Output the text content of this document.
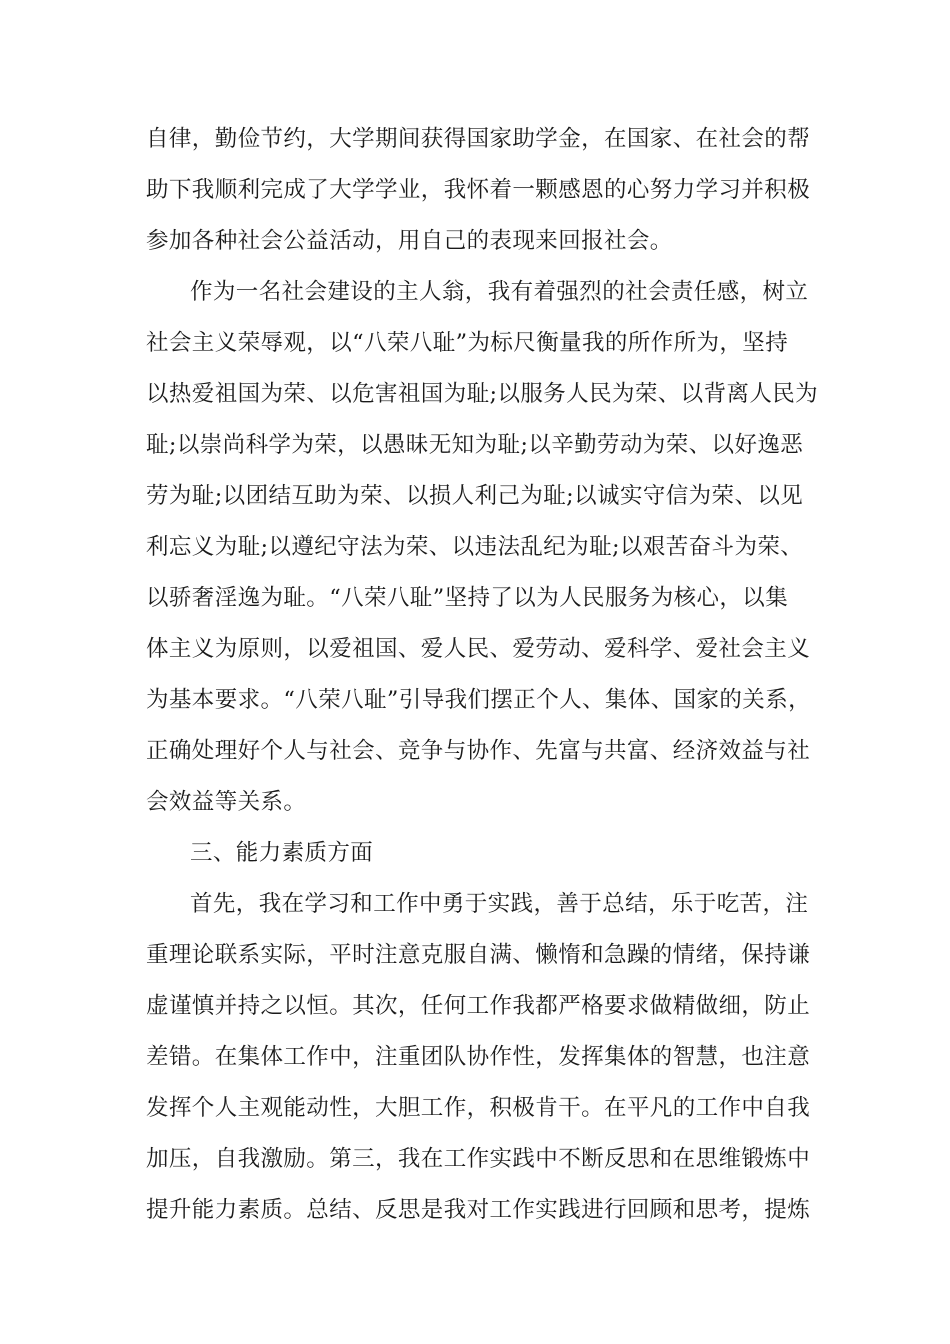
自律，勤俭节约，大学期间获得国家助学金，在国家、在社会的帮
助下我顺利完成了大学学业，我怀着一颗感恩的心努力学习并积极
参加各种社会公益活动，用自己的表现来回报社会。
作为一名社会建设的主人翁，我有着强烈的社会责任感，树立
社会主义荣辱观，以“八荣八耻”为标尺衡量我的所作所为，坚持
以热爱祖国为荣、以危害祖国为耻;以服务人民为荣、以背离人民为
耻;以崇尚科学为荣，以愚昧无知为耻;以辛勤劳动为荣、以好逸恶
劳为耻;以团结互助为荣、以损人利己为耻;以诚实守信为荣、以见
利忘义为耻;以遵纪守法为荣、以违法乱纪为耻;以艰苦奋斗为荣、
以骄奢淫逸为耻。“八荣八耻”坚持了以为人民服务为核心，以集
体主义为原则，以爱祖国、爱人民、爱劳动、爱科学、爱社会主义
为基本要求。“八荣八耻”引导我们摆正个人、集体、国家的关系，
正确处理好个人与社会、竞争与协作、先富与共富、经济效益与社
会效益等关系。
三、能力素质方面
首先，我在学习和工作中勇于实践，善于总结，乐于吃苦，注
重理论联系实际，平时注意克服自满、懒惰和急躁的情绪，保持谦
虚谨慎并持之以恒。其次，任何工作我都严格要求做精做细，防止
差错。在集体工作中，注重团队协作性，发挥集体的智慧，也注意
发挥个人主观能动性，大胆工作，积极肯干。在平凡的工作中自我
加压，自我激励。第三，我在工作实践中不断反思和在思维锻炼中
提升能力素质。总结、反思是我对工作实践进行回顾和思考，提炼
